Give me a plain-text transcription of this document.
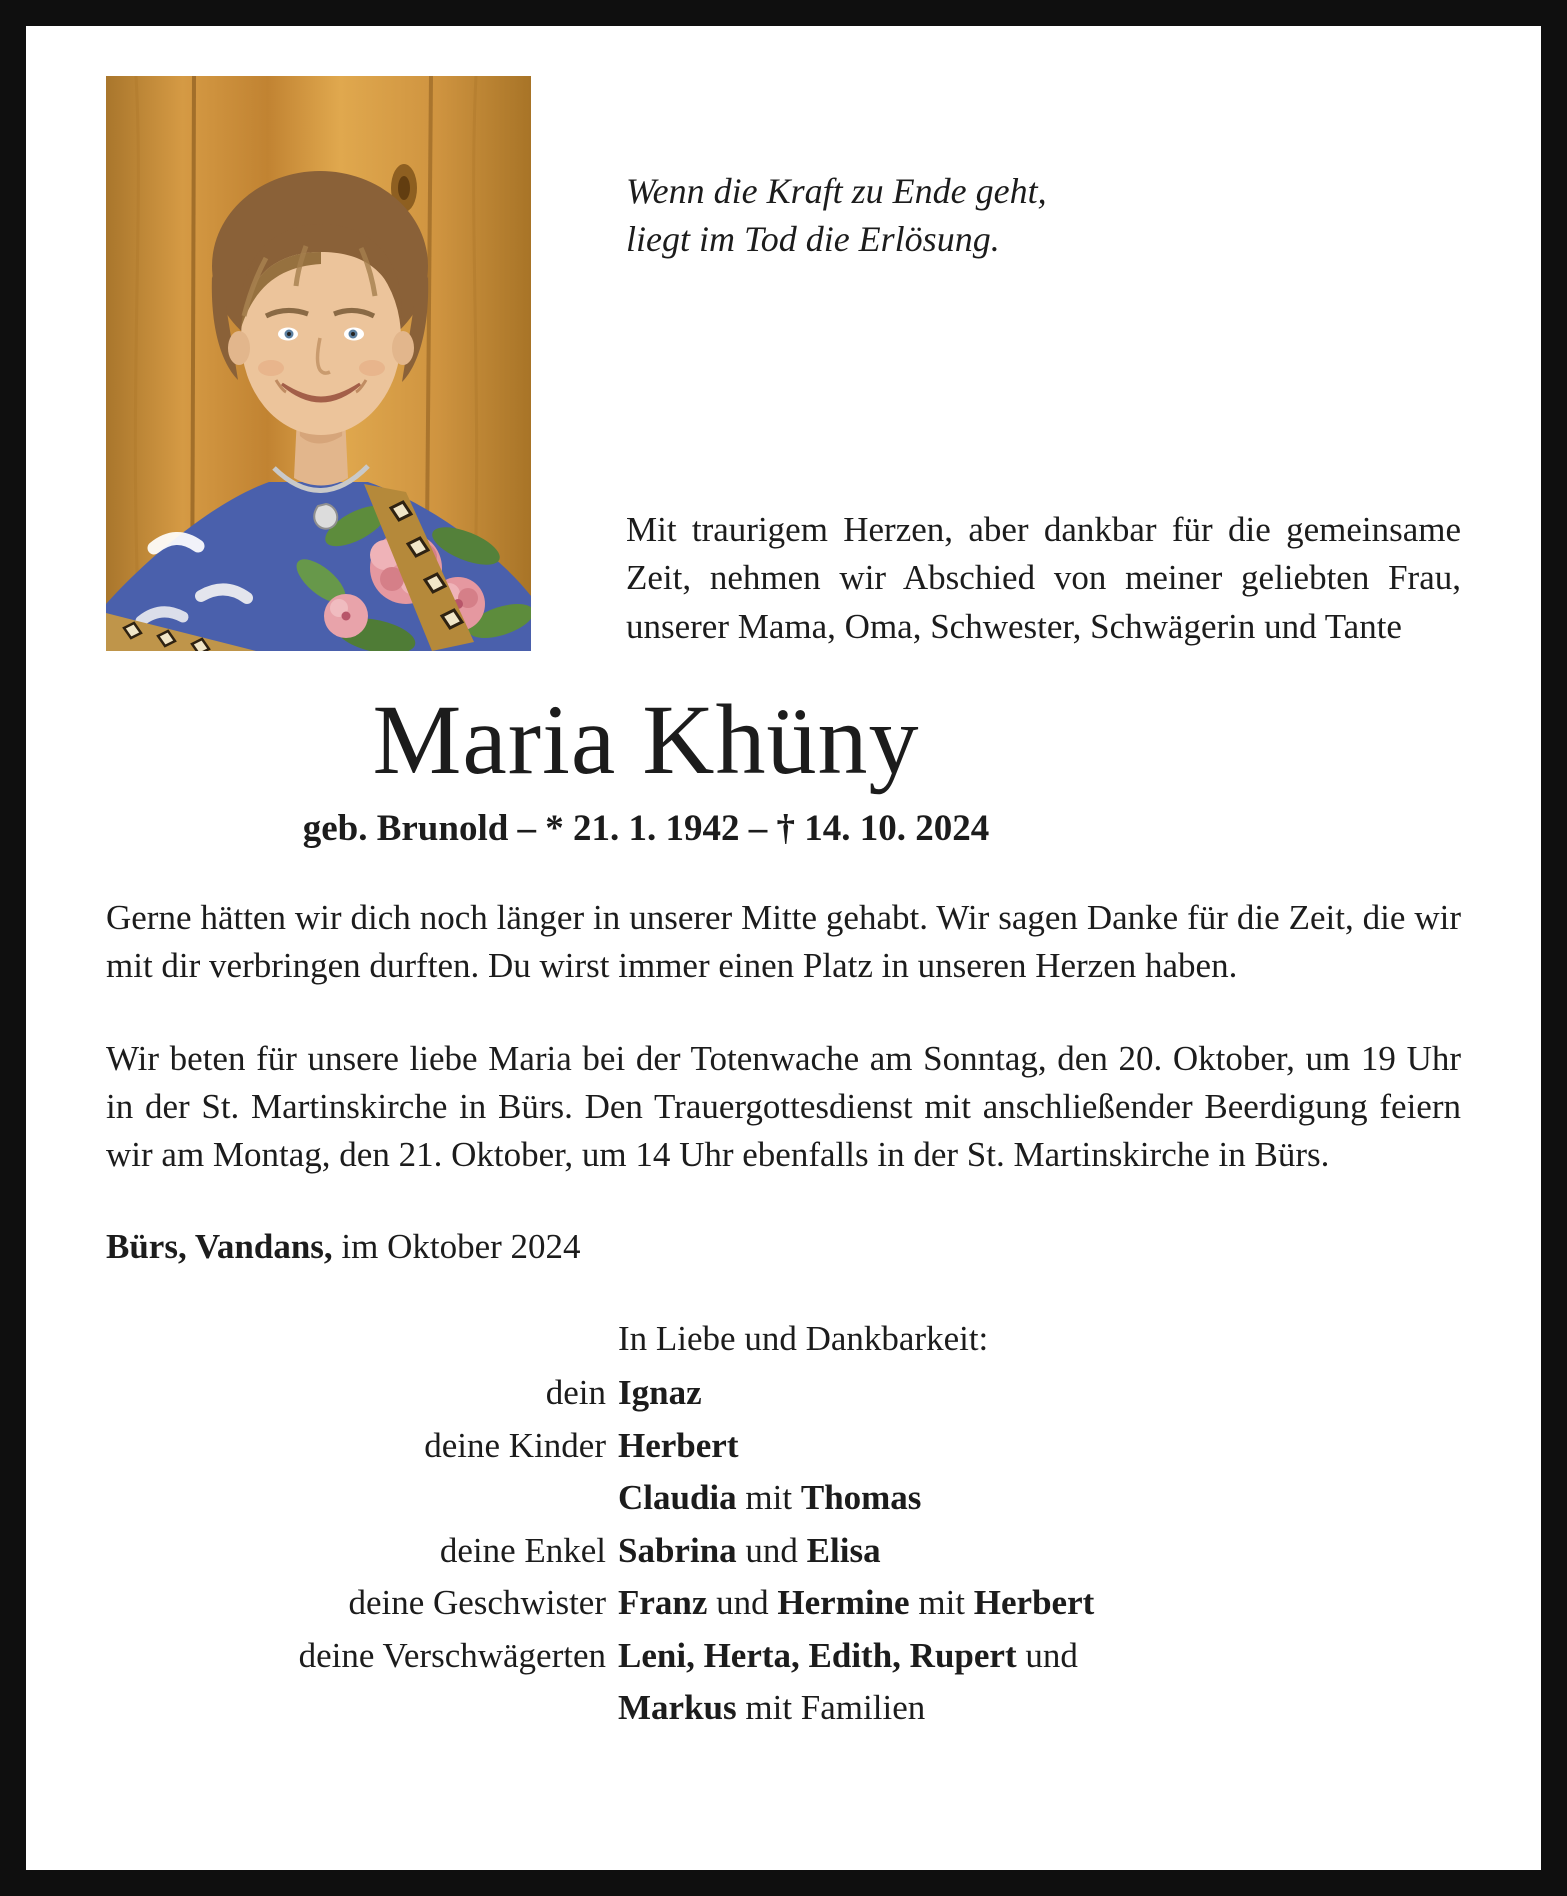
Wenn die Kraft zu Ende geht,
liegt im Tod die Erlösung.

Mit traurigem Herzen, aber dankbar für die gemeinsame Zeit, nehmen wir Abschied von meiner geliebten Frau, unserer Mama, Oma, Schwester, Schwägerin und Tante

Maria Khüny
geb. Brunold – * 21. 1. 1942 – † 14. 10. 2024

Gerne hätten wir dich noch länger in unserer Mitte gehabt. Wir sagen Danke für die Zeit, die wir mit dir verbringen durften. Du wirst immer einen Platz in unseren Herzen haben.

Wir beten für unsere liebe Maria bei der Totenwache am Sonntag, den 20. Oktober, um 19 Uhr in der St. Martinskirche in Bürs. Den Trauergottesdienst mit anschließender Beerdigung feiern wir am Montag, den 21. Oktober, um 14 Uhr ebenfalls in der St. Martinskirche in Bürs.

Bürs, Vandans, im Oktober 2024
In Liebe und Dankbarkeit:
dein Ignaz
deine Kinder Herbert
Claudia mit Thomas
deine Enkel Sabrina und Elisa
deine Geschwister Franz und Hermine mit Herbert
deine Verschwägerten Leni, Herta, Edith, Rupert und
Markus mit Familien
